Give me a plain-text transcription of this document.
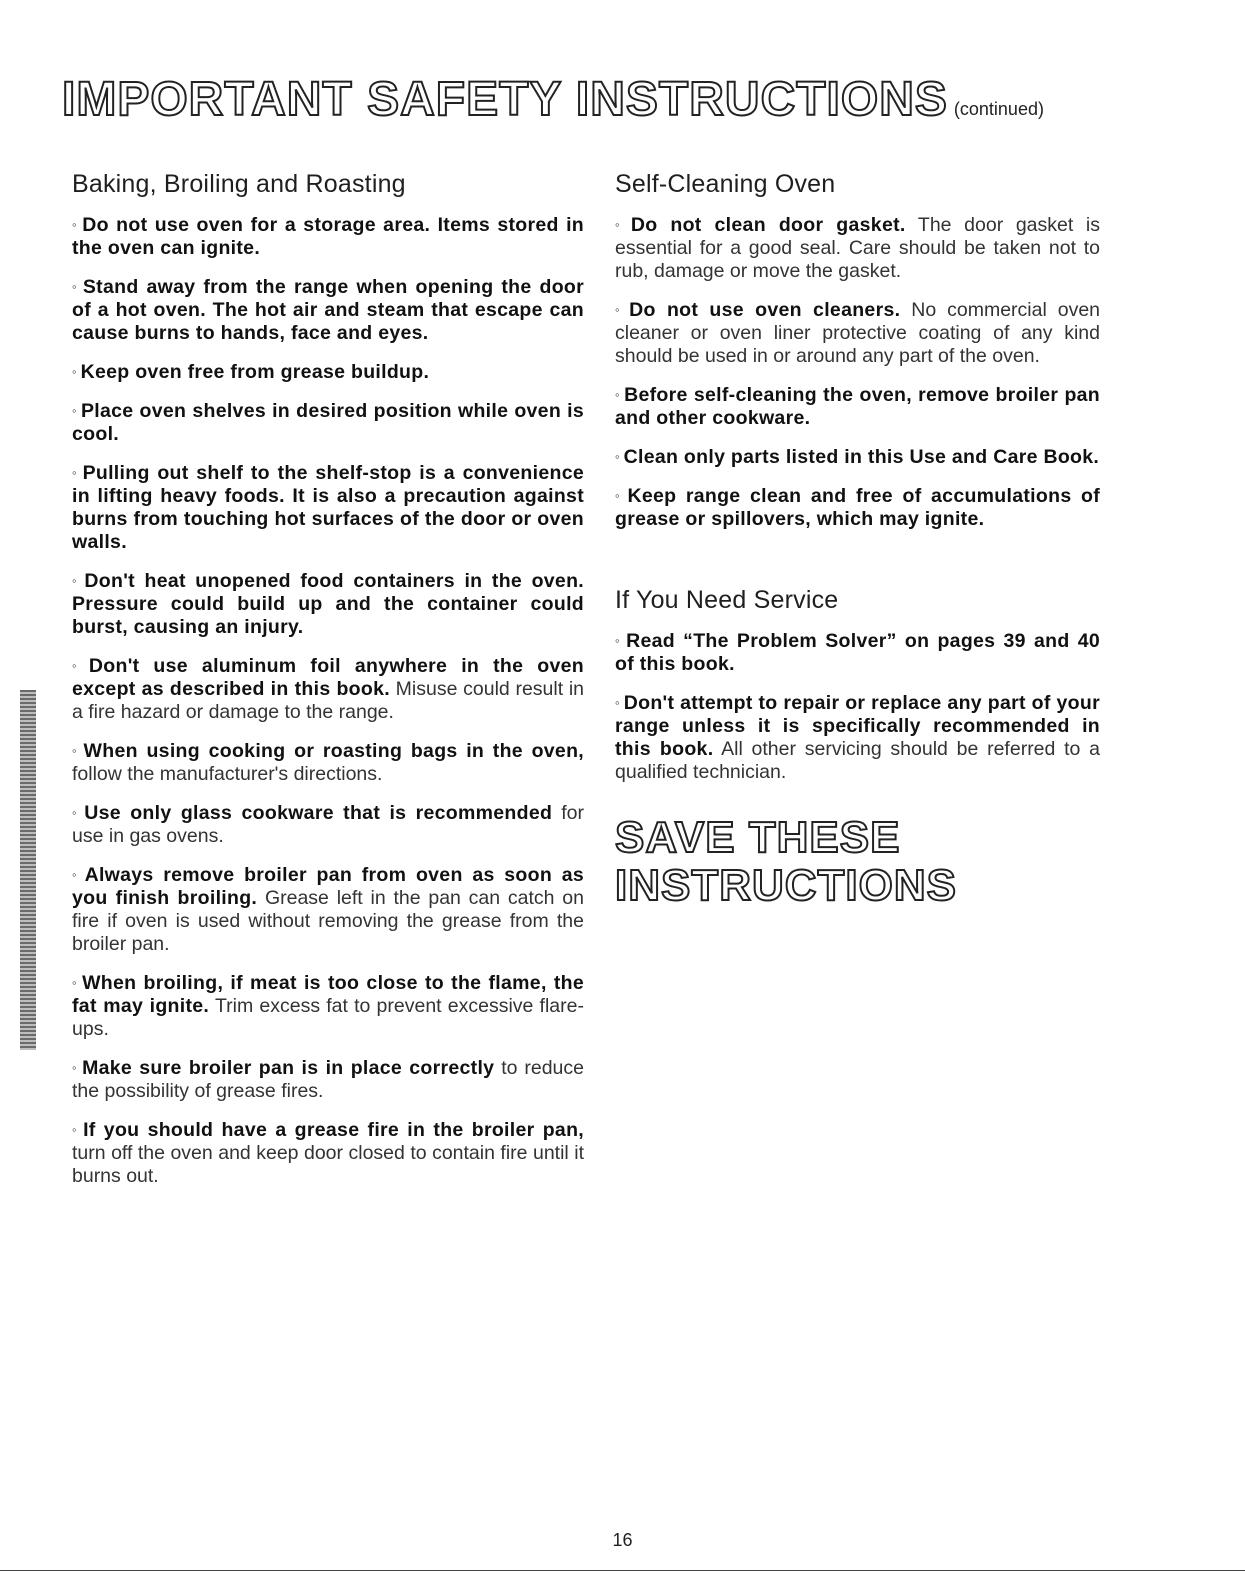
IMPORTANT SAFETY INSTRUCTIONS (continued)
Baking, Broiling and Roasting
◦ Do not use oven for a storage area. Items stored in the oven can ignite.
◦ Stand away from the range when opening the door of a hot oven. The hot air and steam that escape can cause burns to hands, face and eyes.
◦ Keep oven free from grease buildup.
◦ Place oven shelves in desired position while oven is cool.
◦ Pulling out shelf to the shelf-stop is a convenience in lifting heavy foods. It is also a precaution against burns from touching hot surfaces of the door or oven walls.
◦ Don't heat unopened food containers in the oven. Pressure could build up and the container could burst, causing an injury.
◦ Don't use aluminum foil anywhere in the oven except as described in this book. Misuse could result in a fire hazard or damage to the range.
◦ When using cooking or roasting bags in the oven, follow the manufacturer's directions.
◦ Use only glass cookware that is recommended for use in gas ovens.
◦ Always remove broiler pan from oven as soon as you finish broiling. Grease left in the pan can catch on fire if oven is used without removing the grease from the broiler pan.
◦ When broiling, if meat is too close to the flame, the fat may ignite. Trim excess fat to prevent excessive flare-ups.
◦ Make sure broiler pan is in place correctly to reduce the possibility of grease fires.
◦ If you should have a grease fire in the broiler pan, turn off the oven and keep door closed to contain fire until it burns out.
Self-Cleaning Oven
◦ Do not clean door gasket. The door gasket is essential for a good seal. Care should be taken not to rub, damage or move the gasket.
◦ Do not use oven cleaners. No commercial oven cleaner or oven liner protective coating of any kind should be used in or around any part of the oven.
◦ Before self-cleaning the oven, remove broiler pan and other cookware.
◦ Clean only parts listed in this Use and Care Book.
◦ Keep range clean and free of accumulations of grease or spillovers, which may ignite.
If You Need Service
◦ Read “The Problem Solver” on pages 39 and 40 of this book.
◦ Don't attempt to repair or replace any part of your range unless it is specifically recommended in this book. All other servicing should be referred to a qualified technician.
SAVE THESE
INSTRUCTIONS
16
